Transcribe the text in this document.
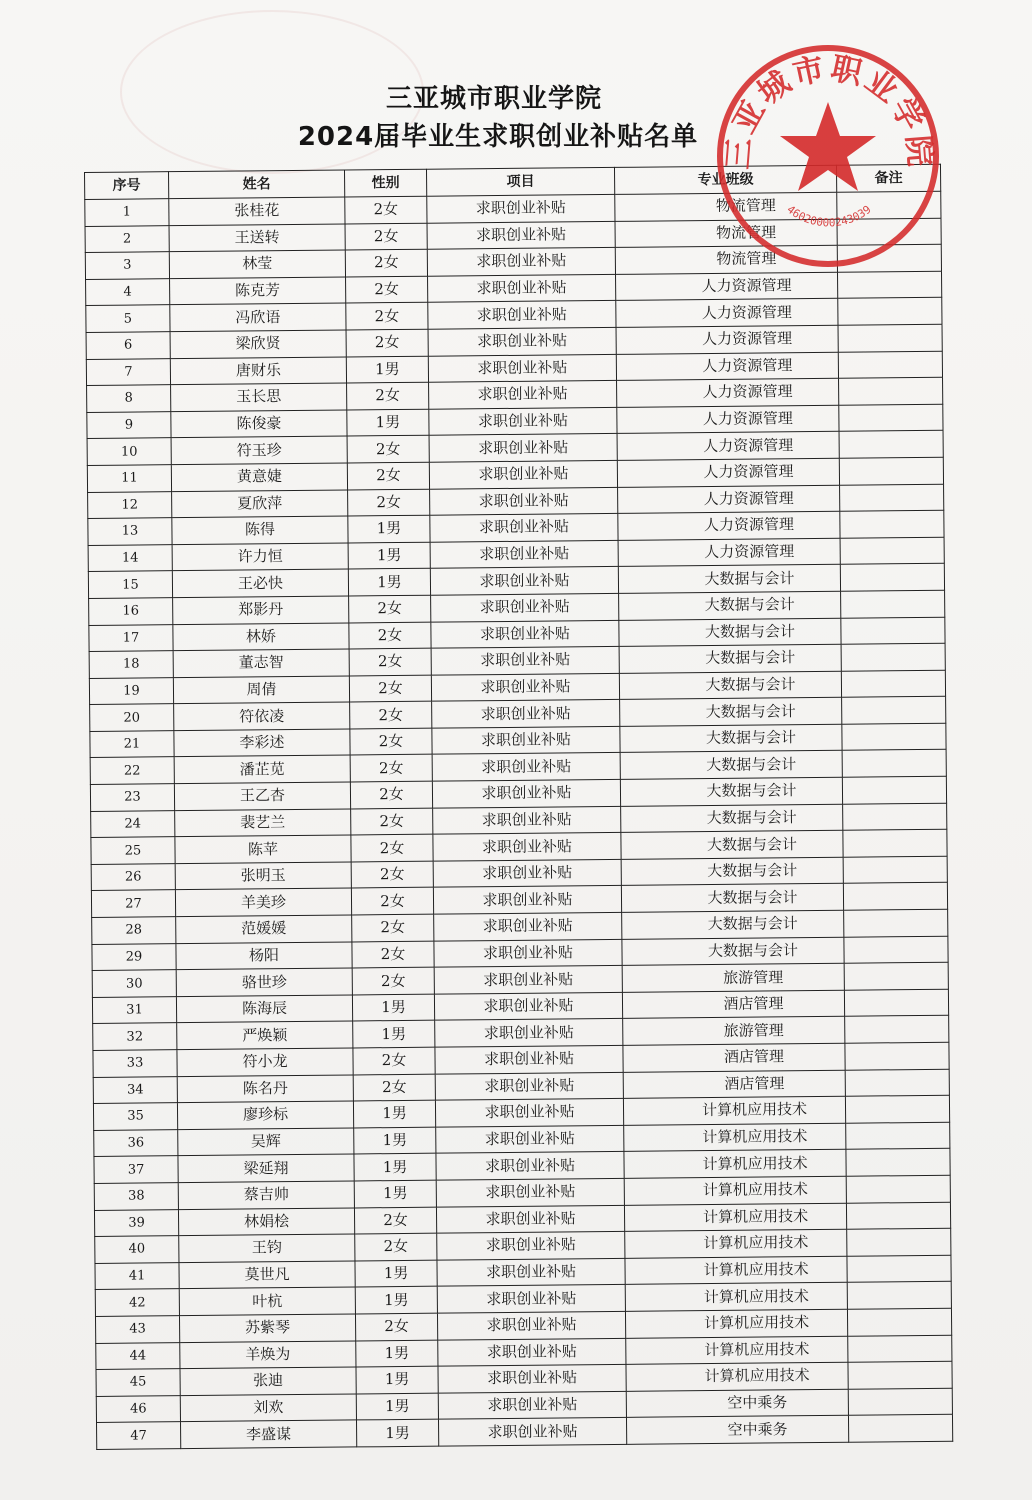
三亚城市职业学院
2024届毕业生求职创业补贴名单
序号	姓名	性别	项目	专业班级	备注
1	张桂花	2女	求职创业补贴	物流管理	
2	王送转	2女	求职创业补贴	物流管理	
3	林莹	2女	求职创业补贴	物流管理	
4	陈克芳	2女	求职创业补贴	人力资源管理	
5	冯欣语	2女	求职创业补贴	人力资源管理	
6	梁欣贤	2女	求职创业补贴	人力资源管理	
7	唐财乐	1男	求职创业补贴	人力资源管理	
8	玉长思	2女	求职创业补贴	人力资源管理	
9	陈俊豪	1男	求职创业补贴	人力资源管理	
10	符玉珍	2女	求职创业补贴	人力资源管理	
11	黄意婕	2女	求职创业补贴	人力资源管理	
12	夏欣萍	2女	求职创业补贴	人力资源管理	
13	陈得	1男	求职创业补贴	人力资源管理	
14	许力恒	1男	求职创业补贴	人力资源管理	
15	王必快	1男	求职创业补贴	大数据与会计	
16	郑影丹	2女	求职创业补贴	大数据与会计	
17	林娇	2女	求职创业补贴	大数据与会计	
18	董志智	2女	求职创业补贴	大数据与会计	
19	周倩	2女	求职创业补贴	大数据与会计	
20	符依凌	2女	求职创业补贴	大数据与会计	
21	李彩述	2女	求职创业补贴	大数据与会计	
22	潘芷苋	2女	求职创业补贴	大数据与会计	
23	王乙杏	2女	求职创业补贴	大数据与会计	
24	裴艺兰	2女	求职创业补贴	大数据与会计	
25	陈苹	2女	求职创业补贴	大数据与会计	
26	张明玉	2女	求职创业补贴	大数据与会计	
27	羊美珍	2女	求职创业补贴	大数据与会计	
28	范媛媛	2女	求职创业补贴	大数据与会计	
29	杨阳	2女	求职创业补贴	大数据与会计	
30	骆世珍	2女	求职创业补贴	旅游管理	
31	陈海辰	1男	求职创业补贴	酒店管理	
32	严焕颖	1男	求职创业补贴	旅游管理	
33	符小龙	2女	求职创业补贴	酒店管理	
34	陈名丹	2女	求职创业补贴	酒店管理	
35	廖珍标	1男	求职创业补贴	计算机应用技术	
36	吴辉	1男	求职创业补贴	计算机应用技术	
37	梁延翔	1男	求职创业补贴	计算机应用技术	
38	蔡吉帅	1男	求职创业补贴	计算机应用技术	
39	林娟桧	2女	求职创业补贴	计算机应用技术	
40	王钧	2女	求职创业补贴	计算机应用技术	
41	莫世凡	1男	求职创业补贴	计算机应用技术	
42	叶杭	1男	求职创业补贴	计算机应用技术	
43	苏紫琴	2女	求职创业补贴	计算机应用技术	
44	羊焕为	1男	求职创业补贴	计算机应用技术	
45	张迪	1男	求职创业补贴	计算机应用技术	
46	刘欢	1男	求职创业补贴	空中乘务	
47	李盛谋	1男	求职创业补贴	空中乘务	
三亚城市职业学院
4602000024303​9
